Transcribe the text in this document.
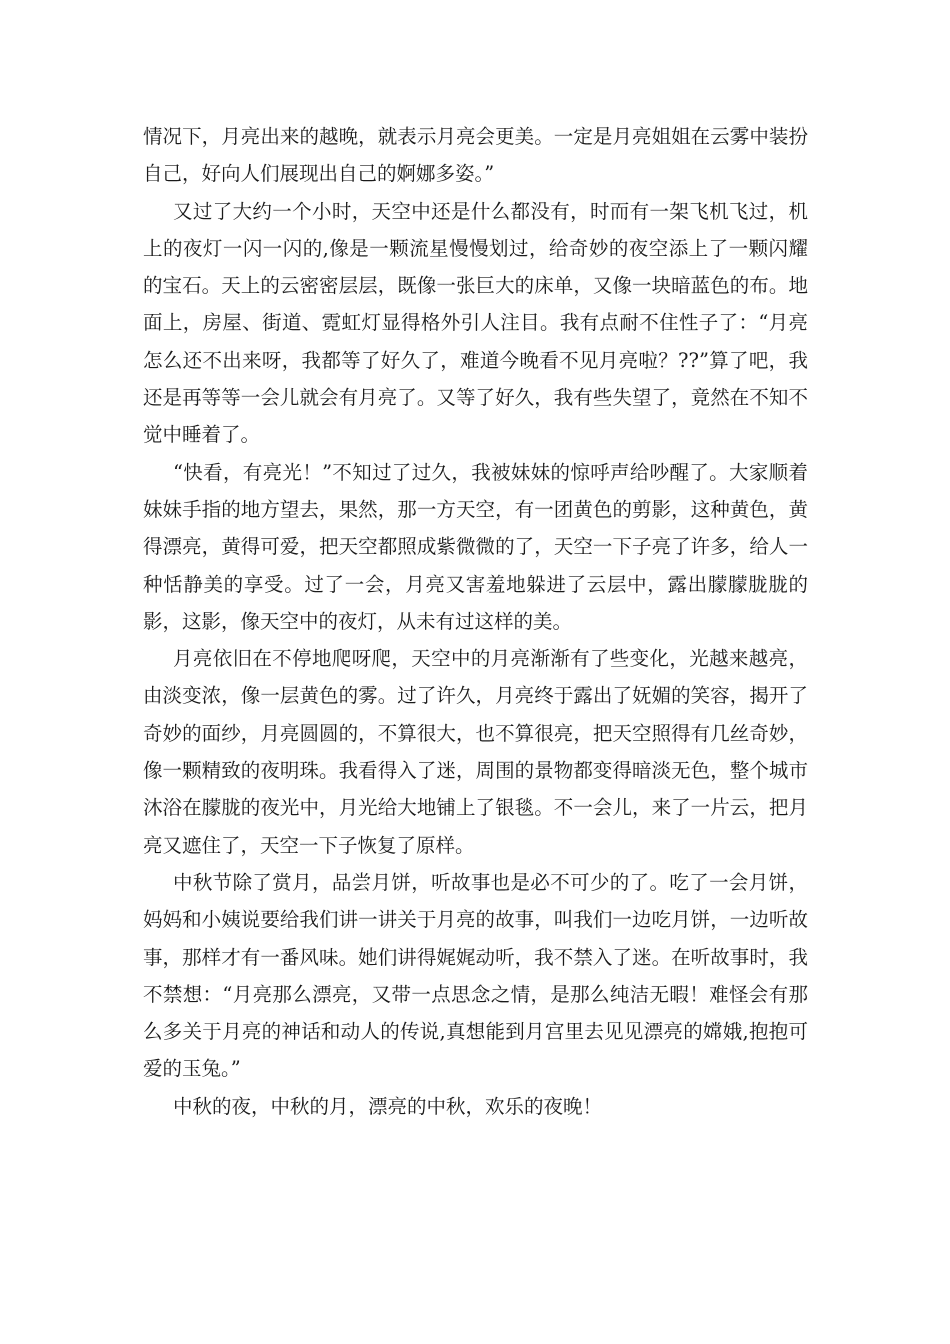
情况下，月亮出来的越晚，就表示月亮会更美。一定是月亮姐姐在云雾中装扮自己，好向人们展现出自己的婀娜多姿。”

又过了大约一个小时，天空中还是什么都没有，时而有一架飞机飞过，机上的夜灯一闪一闪的,像是一颗流星慢慢划过，给奇妙的夜空添上了一颗闪耀的宝石。天上的云密密层层，既像一张巨大的床单，又像一块暗蓝色的布。地面上，房屋、街道、霓虹灯显得格外引人注目。我有点耐不住性子了：“月亮怎么还不出来呀，我都等了好久了，难道今晚看不见月亮啦？??”算了吧，我还是再等等一会儿就会有月亮了。又等了好久，我有些失望了，竟然在不知不觉中睡着了。

“快看，有亮光！”不知过了过久，我被妹妹的惊呼声给吵醒了。大家顺着妹妹手指的地方望去，果然，那一方天空，有一团黄色的剪影，这种黄色，黄得漂亮，黄得可爱，把天空都照成紫微微的了，天空一下子亮了许多，给人一种恬静美的享受。过了一会，月亮又害羞地躲进了云层中，露出朦朦胧胧的影，这影，像天空中的夜灯，从未有过这样的美。

月亮依旧在不停地爬呀爬，天空中的月亮渐渐有了些变化，光越来越亮，由淡变浓，像一层黄色的雾。过了许久，月亮终于露出了妩媚的笑容，揭开了奇妙的面纱，月亮圆圆的，不算很大，也不算很亮，把天空照得有几丝奇妙，像一颗精致的夜明珠。我看得入了迷，周围的景物都变得暗淡无色，整个城市沐浴在朦胧的夜光中，月光给大地铺上了银毯。不一会儿，来了一片云，把月亮又遮住了，天空一下子恢复了原样。

中秋节除了赏月，品尝月饼，听故事也是必不可少的了。吃了一会月饼，妈妈和小姨说要给我们讲一讲关于月亮的故事，叫我们一边吃月饼，一边听故事，那样才有一番风味。她们讲得娓娓动听，我不禁入了迷。在听故事时，我不禁想：“月亮那么漂亮，又带一点思念之情，是那么纯洁无暇！难怪会有那么多关于月亮的神话和动人的传说,真想能到月宫里去见见漂亮的嫦娥,抱抱可爱的玉兔。”

中秋的夜，中秋的月，漂亮的中秋，欢乐的夜晚！
